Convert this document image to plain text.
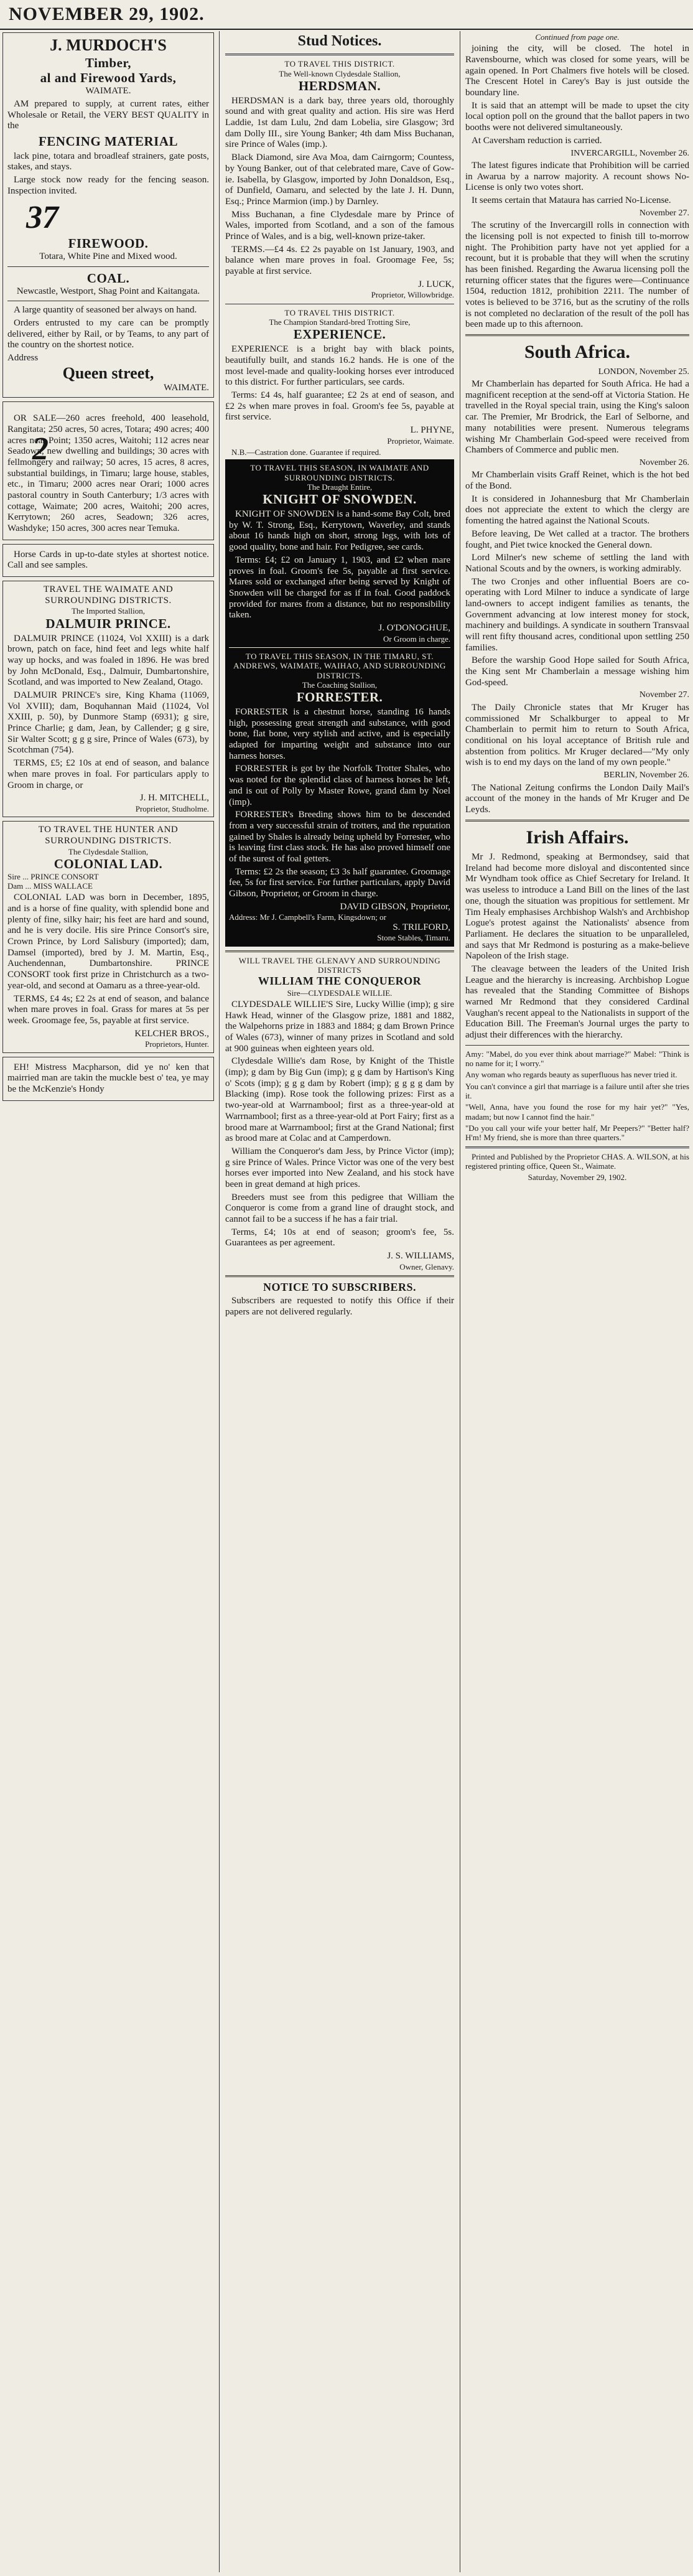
NOVEMBER 29, 1902.
J. MURDOCH'S
Timber,
al and Firewood Yards,
WAIMATE.

AM prepared to supply, at current rates, either Wholesale or Retail, the VERY BEST QUALITY in the

FENCING MATERIAL

lack pine, totara and broadleaf strainers, gate posts, stakes, and stays.

Large stock now ready for the fencing season. Inspection invited.

37
FIREWOOD.
Totara, White Pine and Mixed wood.
COAL.
Newcastle, Westport, Shag Point and Kaitangata.

A large quantity of seasoned ber always on hand.

Orders entrusted to my care can be promptly delivered, either by Rail, or by Teams, to any part of the country on the shortest notice.

Address
Queen street,
WAIMATE.
2

OR SALE—260 acres freehold, 400 leasehold, Rangitata; 250 acres, 50 acres, Totara; 490 acres; 400 acres near Point; 1350 acres, Waitohi; 112 acres near Seadown, new dwelling and buildings; 30 acres with fellmongery and railway; 50 acres, 15 acres, 8 acres, substantial buildings, in Timaru; large house, stables, etc., in Timaru; 2000 acres near Orari; 1000 acres pastoral country in South Canterbury; 1/3 acres with cottage, Waimate; 200 acres, Waitohi; 200 acres, Kerrytown; 260 acres, Seadown; 326 acres, Washdyke; 150 acres, 300 acres near Temuka.

Horse Cards in up-to-date styles at shortest notice. Call and see samples.

TRAVEL THE WAIMATE AND SURROUNDING DISTRICTS.
The Imported Stallion,
DALMUIR PRINCE.

DALMUIR PRINCE (11024, Vol XXIII) is a dark brown, patch on face, hind feet and legs white half way up hocks, and was foaled in 1896. He was bred by John McDonald, Esq., Dalmuir, Dumbartonshire, Scotland, and was imported to New Zealand, Otago.

DALMUIR PRINCE's sire, King Khama (11069, Vol XVIII); dam, Boquhannan Maid (11024, Vol XXIII, p. 50), by Dunmore Stamp (6931); g sire, Prince Charlie; g dam, Jean, by Callender; g g sire, Sir Walter Scott; g g g sire, Prince of Wales (673), by Scotchman (754).

TERMS, £5; £2 10s at end of season, and balance when mare proves in foal. For particulars apply to Groom in charge, or

J. H. MITCHELL,
Proprietor, Studholme.
TO TRAVEL THE HUNTER AND SURROUNDING DISTRICTS.
The Clydesdale Stallion,
COLONIAL LAD.
Sire ... PRINCE CONSORT
Dam ... MISS WALLACE

COLONIAL LAD was born in December, 1895, and is a horse of fine quality, with splendid bone and plenty of fine, silky hair; his feet are hard and sound, and he is very docile. His sire Prince Consort's sire, Crown Prince, by Lord Salisbury (imported); dam, Damsel (imported), bred by J. M. Martin, Esq., Auchendennan, Dumbartonshire. PRINCE CONSORT took first prize in Christchurch as a two-year-old, and second at Oamaru as a three-year-old.

TERMS, £4 4s; £2 2s at end of season, and balance when mare proves in foal. Grass for mares at 5s per week. Groomage fee, 5s, payable at first service.

KELCHER BROS.,
Proprietors, Hunter.

EH! Mistress Macpharson, did ye no' ken that mairried man are takin the muckle best o' tea, ye may be the McKenzie's Hondy

Stud Notices.
TO TRAVEL THIS DISTRICT.
The Well-known Clydesdale Stallion,
HERDSMAN.

HERDSMAN is a dark bay, three years old, thoroughly sound and with great quality and action. His sire was Herd Laddie, 1st dam Lulu, 2nd dam Lobelia, sire Glasgow; 3rd dam Dolly III., sire Young Banker; 4th dam Miss Buchanan, sire Prince of Wales (imp.).

Black Diamond, sire Ava Moa, dam Cairngorm; Countess, by Young Banker, out of that celebrated mare, Cave of Gow-ie. Isabella, by Glasgow, imported by John Donaldson, Esq., of Dunfield, Oamaru, and selected by the late J. H. Dunn, Esq.; Prince Marmion (imp.) by Darnley.

Miss Buchanan, a fine Clydesdale mare by Prince of Wales, imported from Scotland, and a son of the famous Prince of Wales, and is a big, well-known prize-taker.

TERMS.—£4 4s. £2 2s payable on 1st January, 1903, and balance when mare proves in foal. Groomage Fee, 5s; payable at first service.

J. LUCK,
Proprietor, Willowbridge.
TO TRAVEL THIS DISTRICT.
The Champion Standard-bred Trotting Sire,
EXPERIENCE.

EXPERIENCE is a bright bay with black points, beautifully built, and stands 16.2 hands. He is one of the most level-made and quality-looking horses ever introduced to this district. For further particulars, see cards.

Terms: £4 4s, half guarantee; £2 2s at end of season, and £2 2s when mare proves in foal. Groom's fee 5s, payable at first service.

L. PHYNE,
Proprietor, Waimate.

N.B.—Castration done. Guarantee if required.

TO TRAVEL THIS SEASON, IN WAIMATE AND SURROUNDING DISTRICTS.
The Draught Entire,
KNIGHT OF SNOWDEN.

KNIGHT OF SNOWDEN is a hand-some Bay Colt, bred by W. T. Strong, Esq., Kerrytown, Waverley, and stands about 16 hands high on short, strong legs, with lots of good quality, bone and hair. For Pedigree, see cards.

Terms: £4; £2 on January 1, 1903, and £2 when mare proves in foal. Groom's fee 5s, payable at first service. Mares sold or exchanged after being served by Knight of Snowden will be charged for as if in foal. Good paddock provided for mares from a distance, but no responsibility taken.

J. O'DONOGHUE,
Or Groom in charge.
TO TRAVEL THIS SEASON, IN THE TIMARU, ST. ANDREWS, WAIMATE, WAIHAO, AND SURROUNDING DISTRICTS.
The Coaching Stallion,
FORRESTER.

FORRESTER is a chestnut horse, standing 16 hands high, possessing great strength and substance, with good bone, flat bone, very stylish and active, and is especially adapted for imparting weight and substance into our harness horses.

FORRESTER is got by the Norfolk Trotter Shales, who was noted for the splendid class of harness horses he left, and is out of Polly by Master Rowe, grand dam by Noel (imp).

FORRESTER's Breeding shows him to be descended from a very successful strain of trotters, and the reputation gained by Shales is already being upheld by Forrester, who is leaving first class stock. He has also proved himself one of the surest of foal getters.

Terms: £2 2s the season; £3 3s half guarantee. Groomage fee, 5s for first service. For further particulars, apply David Gibson, Proprietor, or Groom in charge.

DAVID GIBSON, Proprietor,
Address: Mr J. Campbell's Farm, Kingsdown; or
S. TRILFORD,
Stone Stables, Timaru.
WILL TRAVEL THE GLENAVY AND SURROUNDING DISTRICTS
WILLIAM THE CONQUEROR
Sire—CLYDESDALE WILLIE.

CLYDESDALE WILLIE'S Sire, Lucky Willie (imp); g sire Hawk Head, winner of the Glasgow prize, 1881 and 1882, the Walpehorns prize in 1883 and 1884; g dam Brown Prince of Wales (673), winner of many prizes in Scotland and sold at 900 guineas when eighteen years old.

Clydesdale Willie's dam Rose, by Knight of the Thistle (imp); g dam by Big Gun (imp); g g dam by Hartison's King o' Scots (imp); g g g dam by Robert (imp); g g g g dam by Blacking (imp). Rose took the following prizes: First as a two-year-old at Warrnambool; first as a three-year-old at Warrnambool; first as a three-year-old at Port Fairy; first as a brood mare at Warrnambool; first at the Grand National; first as brood mare at Colac and at Camperdown.

William the Conqueror's dam Jess, by Prince Victor (imp); g sire Prince of Wales. Prince Victor was one of the very best horses ever imported into New Zealand, and his stock have been in great demand at high prices.

Breeders must see from this pedigree that William the Conqueror is come from a grand line of draught stock, and cannot fail to be a success if he has a fair trial.

Terms, £4; 10s at end of season; groom's fee, 5s. Guarantees as per agreement.

J. S. WILLIAMS,
Owner, Glenavy.
NOTICE TO SUBSCRIBERS.

Subscribers are requested to notify this Office if their papers are not delivered regularly.

Continued from page one.

joining the city, will be closed. The hotel in Ravensbourne, which was closed for some years, will be again opened. In Port Chalmers five hotels will be closed. The Crescent Hotel in Carey's Bay is just outside the boundary line.

It is said that an attempt will be made to upset the city local option poll on the ground that the ballot papers in two booths were not delivered simultaneously.

At Caversham reduction is carried.

INVERCARGILL, November 26.

The latest figures indicate that Prohibition will be carried in Awarua by a narrow majority. A recount shows No-License is only two votes short.

It seems certain that Mataura has carried No-License.

November 27.

The scrutiny of the Invercargill rolls in connection with the licensing poll is not expected to finish till to-morrow night. The Prohibition party have not yet applied for a recount, but it is probable that they will when the scrutiny has been finished. Regarding the Awarua licensing poll the returning officer states that the figures were—Continuance 1504, reduction 1812, prohibition 2211. The number of votes is believed to be 3716, but as the scrutiny of the rolls is not completed no declaration of the result of the poll has been made up to this afternoon.

South Africa.
LONDON, November 25.

Mr Chamberlain has departed for South Africa. He had a magnificent reception at the send-off at Victoria Station. He travelled in the Royal special train, using the King's saloon car. The Premier, Mr Brodrick, the Earl of Selborne, and many notabilities were present. Numerous telegrams wishing Mr Chamberlain God-speed were received from Chambers of Commerce and public men.

November 26.

Mr Chamberlain visits Graff Reinet, which is the hot bed of the Bond.

It is considered in Johannesburg that Mr Chamberlain does not appreciate the extent to which the clergy are fomenting the hatred against the National Scouts.

Before leaving, De Wet called at a tractor. The brothers fought, and Piet twice knocked the General down.

Lord Milner's new scheme of settling the land with National Scouts and by the owners, is working admirably.

The two Cronjes and other influential Boers are co-operating with Lord Milner to induce a syndicate of large land-owners to accept indigent families as tenants, the Government advancing at low interest money for stock, machinery and buildings. A syndicate in southern Transvaal will rent fifty thousand acres, conditional upon settling 250 families.

Before the warship Good Hope sailed for South Africa, the King sent Mr Chamberlain a message wishing him God-speed.

November 27.

The Daily Chronicle states that Mr Kruger has commissioned Mr Schalkburger to appeal to Mr Chamberlain to permit him to return to South Africa, conditional on his loyal acceptance of British rule and abstention from politics. Mr Kruger declared—"My only wish is to end my days on the land of my own people."

BERLIN, November 26.

The National Zeitung confirms the London Daily Mail's account of the money in the hands of Mr Kruger and De Leyds.

Irish Affairs.

Mr J. Redmond, speaking at Bermondsey, said that Ireland had become more disloyal and discontented since Mr Wyndham took office as Chief Secretary for Ireland. It was useless to introduce a Land Bill on the lines of the last one, though the situation was propitious for settlement. Mr Tim Healy emphasises Archbishop Walsh's and Archbishop Logue's protest against the Nationalists' absence from Parliament. He declares the situation to be unparalleled, and says that Mr Redmond is posturing as a make-believe Napoleon of the Irish stage.

The cleavage between the leaders of the United Irish League and the hierarchy is increasing. Archbishop Logue has revealed that the Standing Committee of Bishops warned Mr Redmond that they considered Cardinal Vaughan's recent appeal to the Nationalists in support of the Education Bill. The Freeman's Journal urges the party to adjust their differences with the hierarchy.

Amy: "Mabel, do you ever think about marriage?" Mabel: "Think is no name for it; I worry."

Any woman who regards beauty as superfluous has never tried it.

You can't convince a girl that marriage is a failure until after she tries it.

"Well, Anna, have you found the rose for my hair yet?" "Yes, madam; but now I cannot find the hair."

"Do you call your wife your better half, Mr Peepers?" "Better half? H'm! My friend, she is more than three quarters."

Printed and Published by the Proprietor CHAS. A. WILSON, at his registered printing office, Queen St., Waimate.

Saturday, November 29, 1902.
